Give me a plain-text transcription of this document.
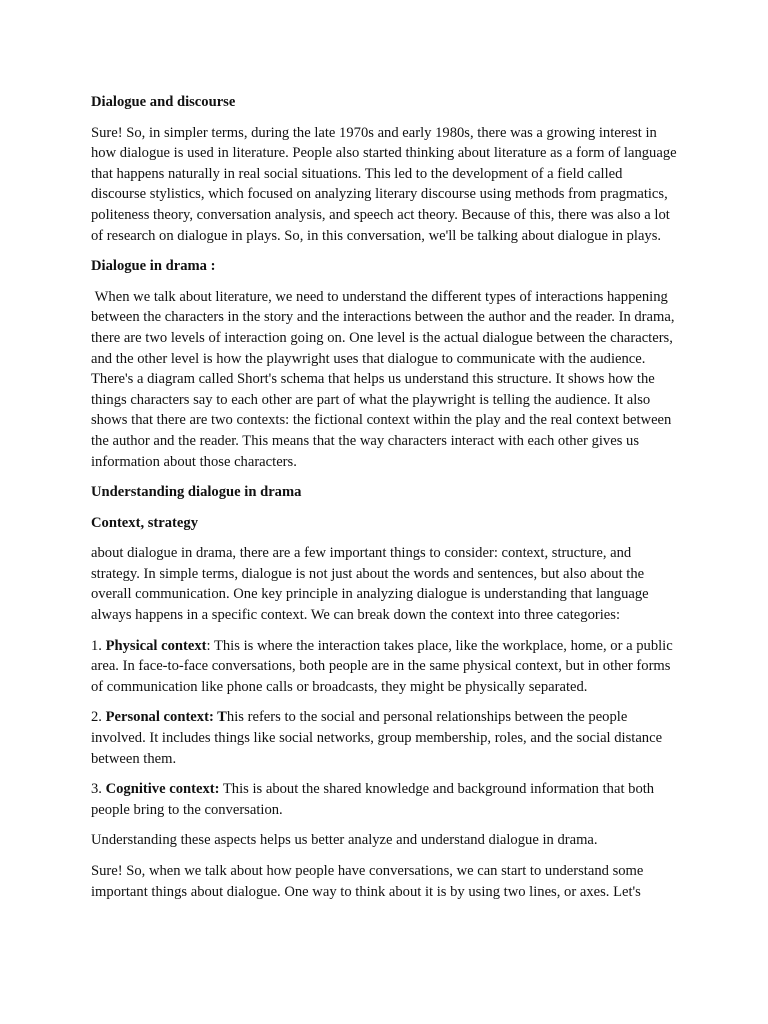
Dialogue and discourse

Sure! So, in simpler terms, during the late 1970s and early 1980s, there was a growing interest in how dialogue is used in literature. People also started thinking about literature as a form of language that happens naturally in real social situations. This led to the development of a field called discourse stylistics, which focused on analyzing literary discourse using methods from pragmatics, politeness theory, conversation analysis, and speech act theory. Because of this, there was also a lot of research on dialogue in plays. So, in this conversation, we'll be talking about dialogue in plays.

Dialogue in drama :

When we talk about literature, we need to understand the different types of interactions happening between the characters in the story and the interactions between the author and the reader. In drama, there are two levels of interaction going on. One level is the actual dialogue between the characters, and the other level is how the playwright uses that dialogue to communicate with the audience. There's a diagram called Short's schema that helps us understand this structure. It shows how the things characters say to each other are part of what the playwright is telling the audience. It also shows that there are two contexts: the fictional context within the play and the real context between the author and the reader. This means that the way characters interact with each other gives us information about those characters.

Understanding dialogue in drama
Context, strategy

about dialogue in drama, there are a few important things to consider: context, structure, and strategy. In simple terms, dialogue is not just about the words and sentences, but also about the overall communication. One key principle in analyzing dialogue is understanding that language always happens in a specific context. We can break down the context into three categories:

1. Physical context: This is where the interaction takes place, like the workplace, home, or a public area. In face-to-face conversations, both people are in the same physical context, but in other forms of communication like phone calls or broadcasts, they might be physically separated.

2. Personal context: This refers to the social and personal relationships between the people involved. It includes things like social networks, group membership, roles, and the social distance between them.

3. Cognitive context: This is about the shared knowledge and background information that both people bring to the conversation.

Understanding these aspects helps us better analyze and understand dialogue in drama.

Sure! So, when we talk about how people have conversations, we can start to understand some important things about dialogue. One way to think about it is by using two lines, or axes. Let's
